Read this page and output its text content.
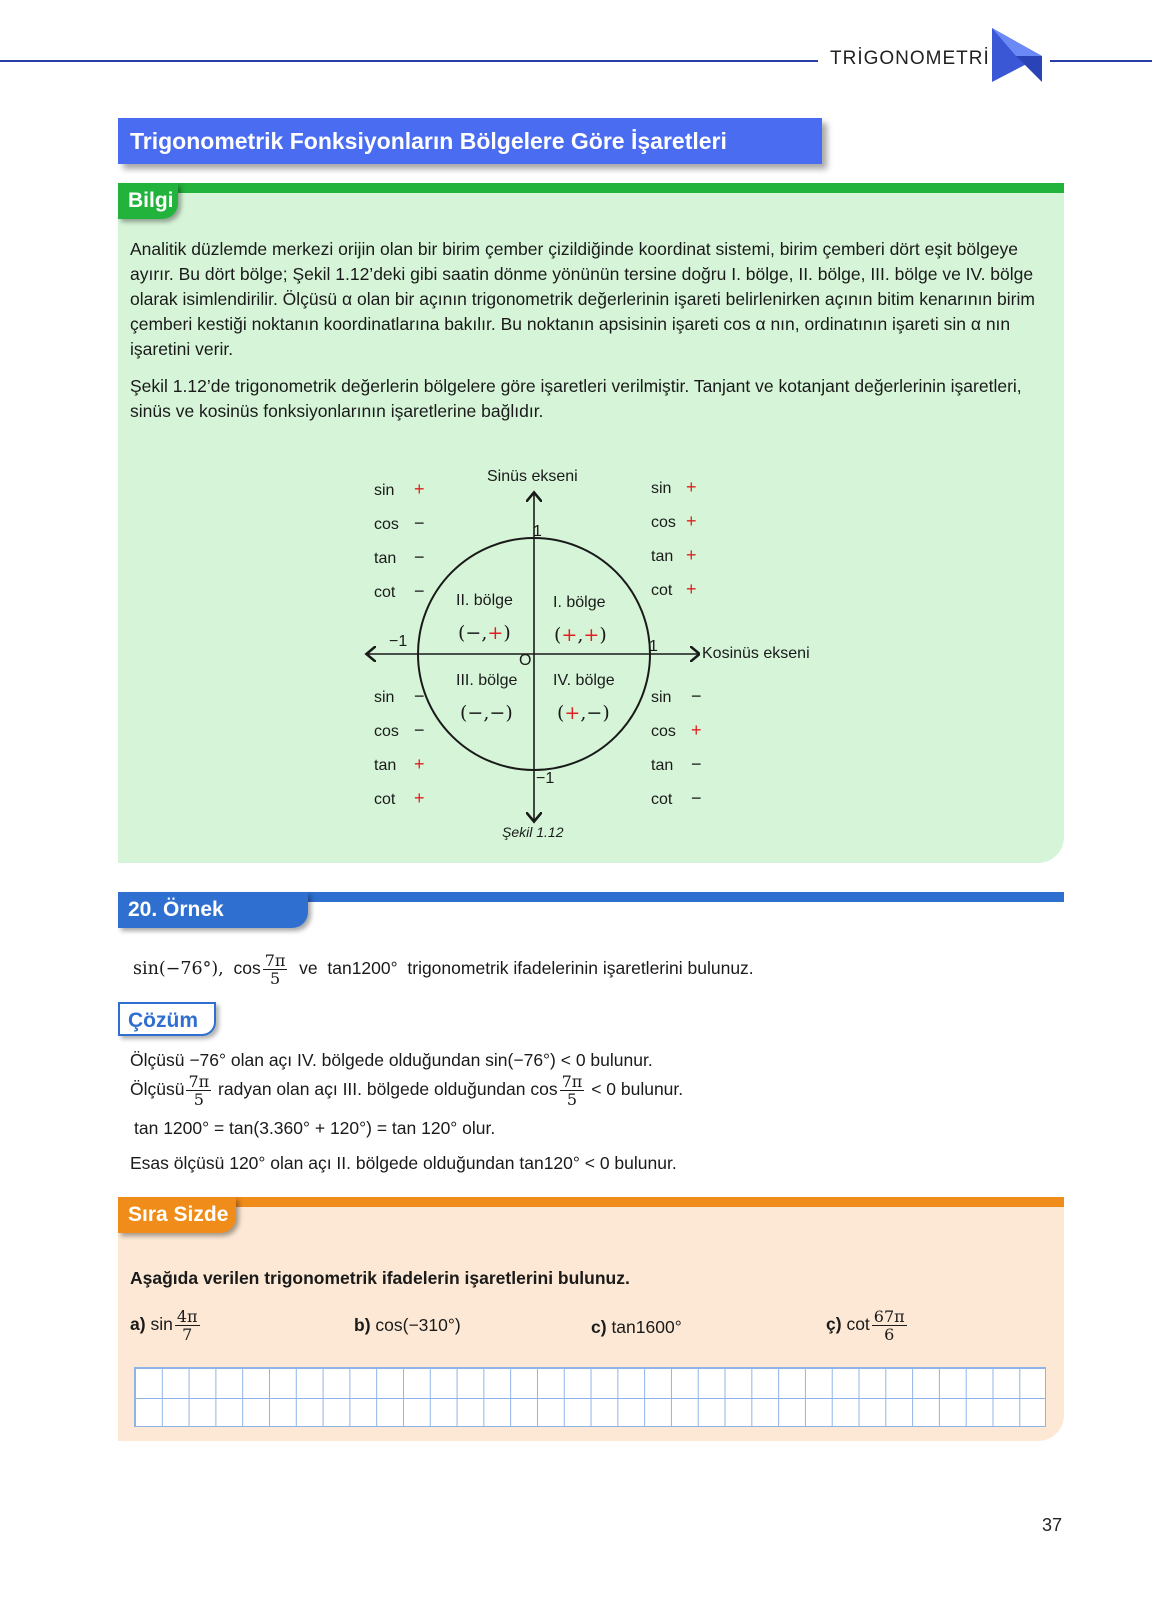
TRİGONOMETRİ
Trigonometrik Fonksiyonların Bölgelere Göre İşaretleri
Bilgi
Analitik düzlemde merkezi orijin olan bir birim çember çizildiğinde koordinat sistemi, birim çemberi dört eşit bölgeye ayırır. Bu dört bölge; Şekil 1.12’deki gibi saatin dönme yönünün tersine doğru I. bölge, II. bölge, III. bölge ve IV. bölge olarak isimlendirilir. Ölçüsü α olan bir açının trigonometrik değerlerinin işareti belirlenirken açının bitim kenarının birim çemberi kestiği noktanın koordinatlarına bakılır. Bu noktanın apsisinin işareti cos α nın, ordinatının işareti sin α nın işaretini verir.
Şekil 1.12’de trigonometrik değerlerin bölgelere göre işaretleri verilmiştir. Tanjant ve kotanjant değerlerinin işaretleri, sinüs ve kosinüs fonksiyonlarının işaretlerine bağlıdır.
Sinüs ekseni
Kosinüs ekseni
O
1
−1
−1	1
Şekil 1.12
I. bölge
II. bölge
III. bölge IV. bölge
(+,+)
(−,+)
(−,−) (+,−)
sin +
cos −
tan −
cot −
sin +
cos +
tan +
cot +
sin −
cos −
tan +
cot +
sin −
cos +
tan −
cot −
20. Örnek
sin(−76°), $\cos \frac{7\pi}{5}$ ve tan1200° trigonometrik ifadelerinin işaretlerini bulunuz.
Çözüm
Ölçüsü −76° olan açı IV. bölgede olduğundan sin(−76°) < 0 bulunur.
Ölçüsü $\frac{7\pi}{5}$ radyan olan açı III. bölgede olduğundan $\cos \frac{7\pi}{5} < 0$ bulunur.
tan 1200° = tan(3.360° + 120°) = tan 120° olur.
Esas ölçüsü 120° olan açı II. bölgede olduğundan tan120° < 0 bulunur.
Sıra Sizde
Aşağıda verilen trigonometrik ifadelerin işaretlerini bulunuz.
a) $\sin \frac{4\pi}{7}$	b) cos(−310°)	c) tan1600°	ç) $\cot \frac{67\pi}{6}$
37
